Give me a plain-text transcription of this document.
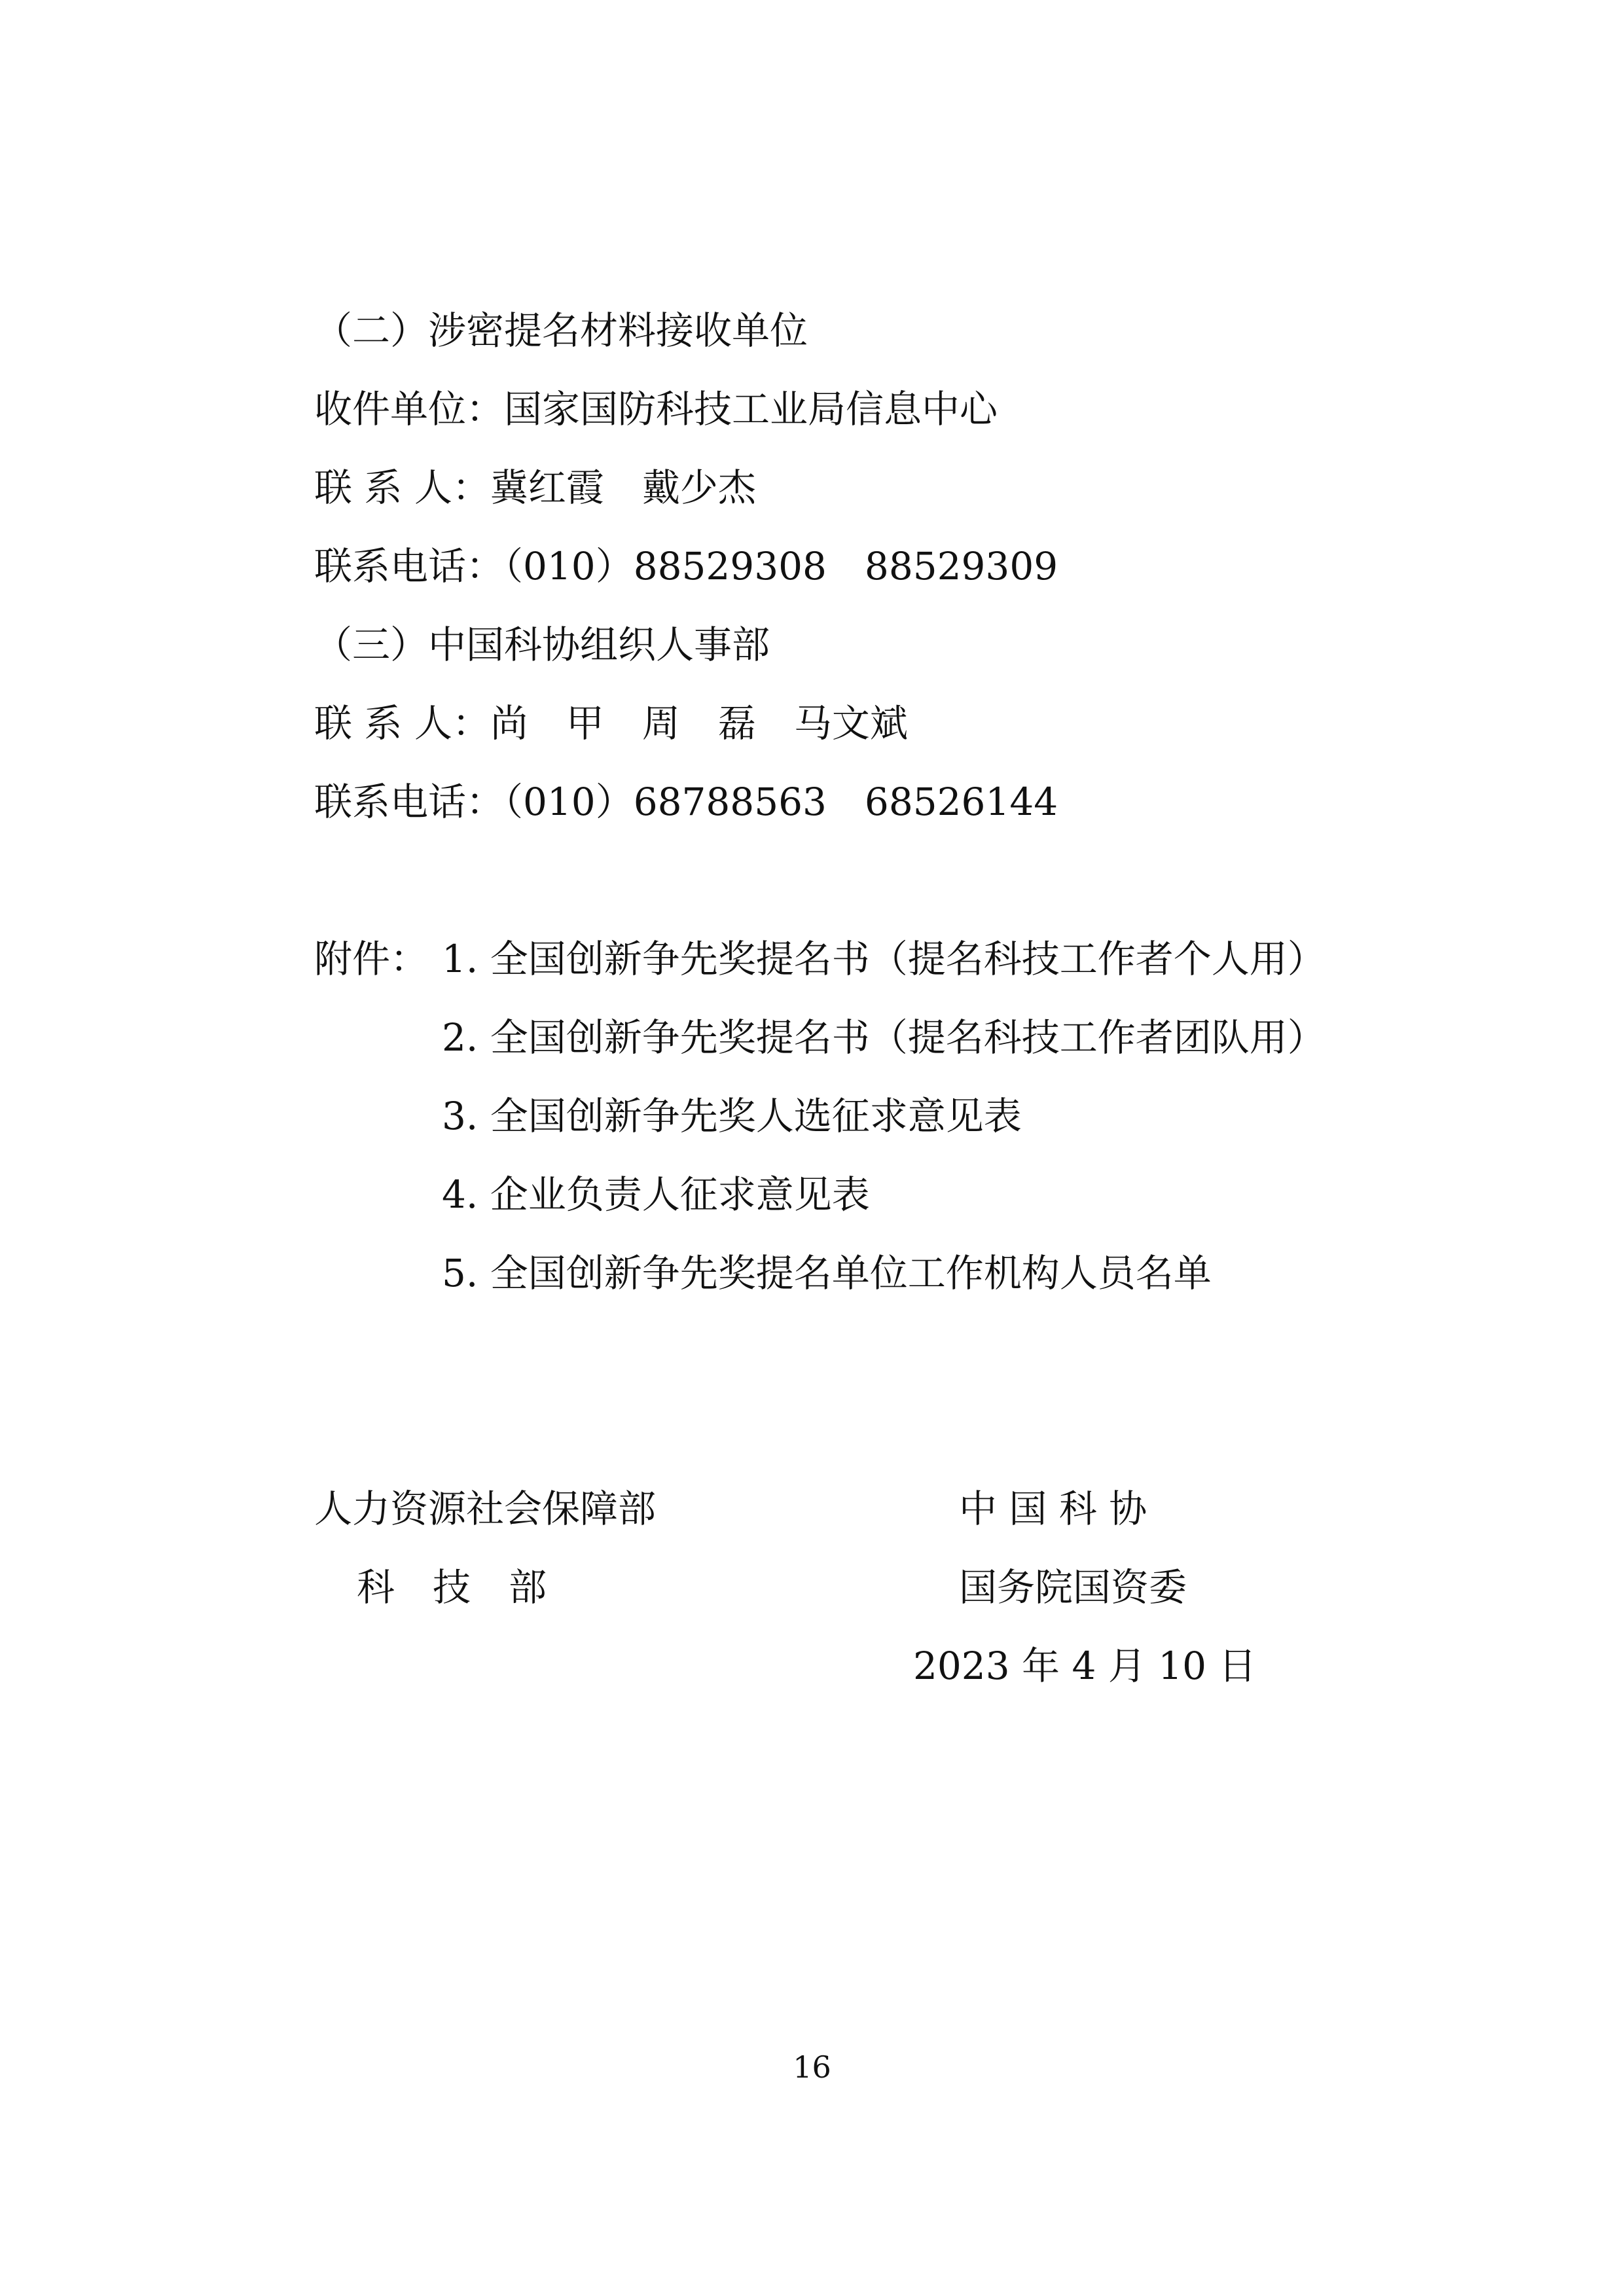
（二）涉密提名材料接收单位

收件单位：国家国防科技工业局信息中心

联 系 人：冀红霞　戴少杰

联系电话：（010）88529308　88529309

（三）中国科协组织人事部

联 系 人：尚　甲　周　磊　马文斌

联系电话：（010）68788563　68526144

附件： 1. 全国创新争先奖提名书（提名科技工作者个人用）

2. 全国创新争先奖提名书（提名科技工作者团队用）

3. 全国创新争先奖人选征求意见表

4. 企业负责人征求意见表

5. 全国创新争先奖提名单位工作机构人员名单

人力资源社会保障部

科　技　部

中 国 科 协

国务院国资委

2023 年 4 月 10 日

16
